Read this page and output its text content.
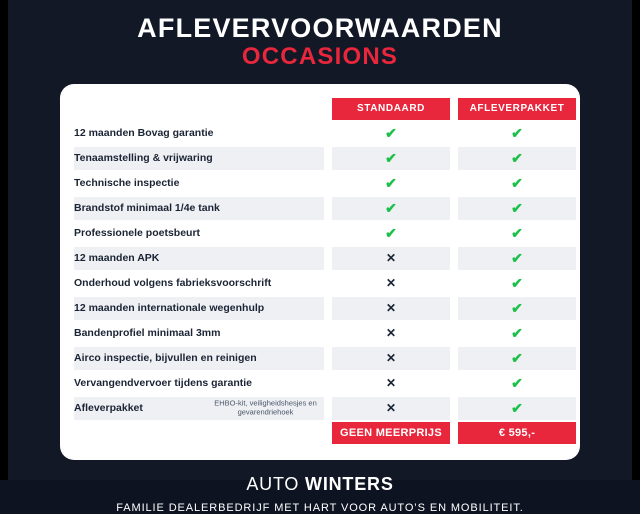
AFLEVERVOORWAARDEN
OCCASIONS
		STANDAARD		AFLEVERPAKKET
12 maanden Bovag garantie		✔		✔
Tenaamstelling & vrijwaring		✔		✔
Technische inspectie		✔		✔
Brandstof minimaal 1/4e tank		✔		✔
Professionele poetsbeurt		✔		✔
12 maanden APK		✕		✔
Onderhoud volgens fabrieksvoorschrift		✕		✔
12 maanden internationale wegenhulp		✕		✔
Bandenprofiel minimaal 3mm		✕		✔
Airco inspectie, bijvullen en reinigen		✕		✔
Vervangendvervoer tijdens garantie		✕		✔
Afleverpakket EHBO-kit, veiligheidshesjes en gevarendriehoek		✕		✔
		GEEN MEERPRIJS		€ 595,-
AUTO WINTERS
FAMILIE DEALERBEDRIJF MET HART VOOR AUTO’S EN MOBILITEIT.
